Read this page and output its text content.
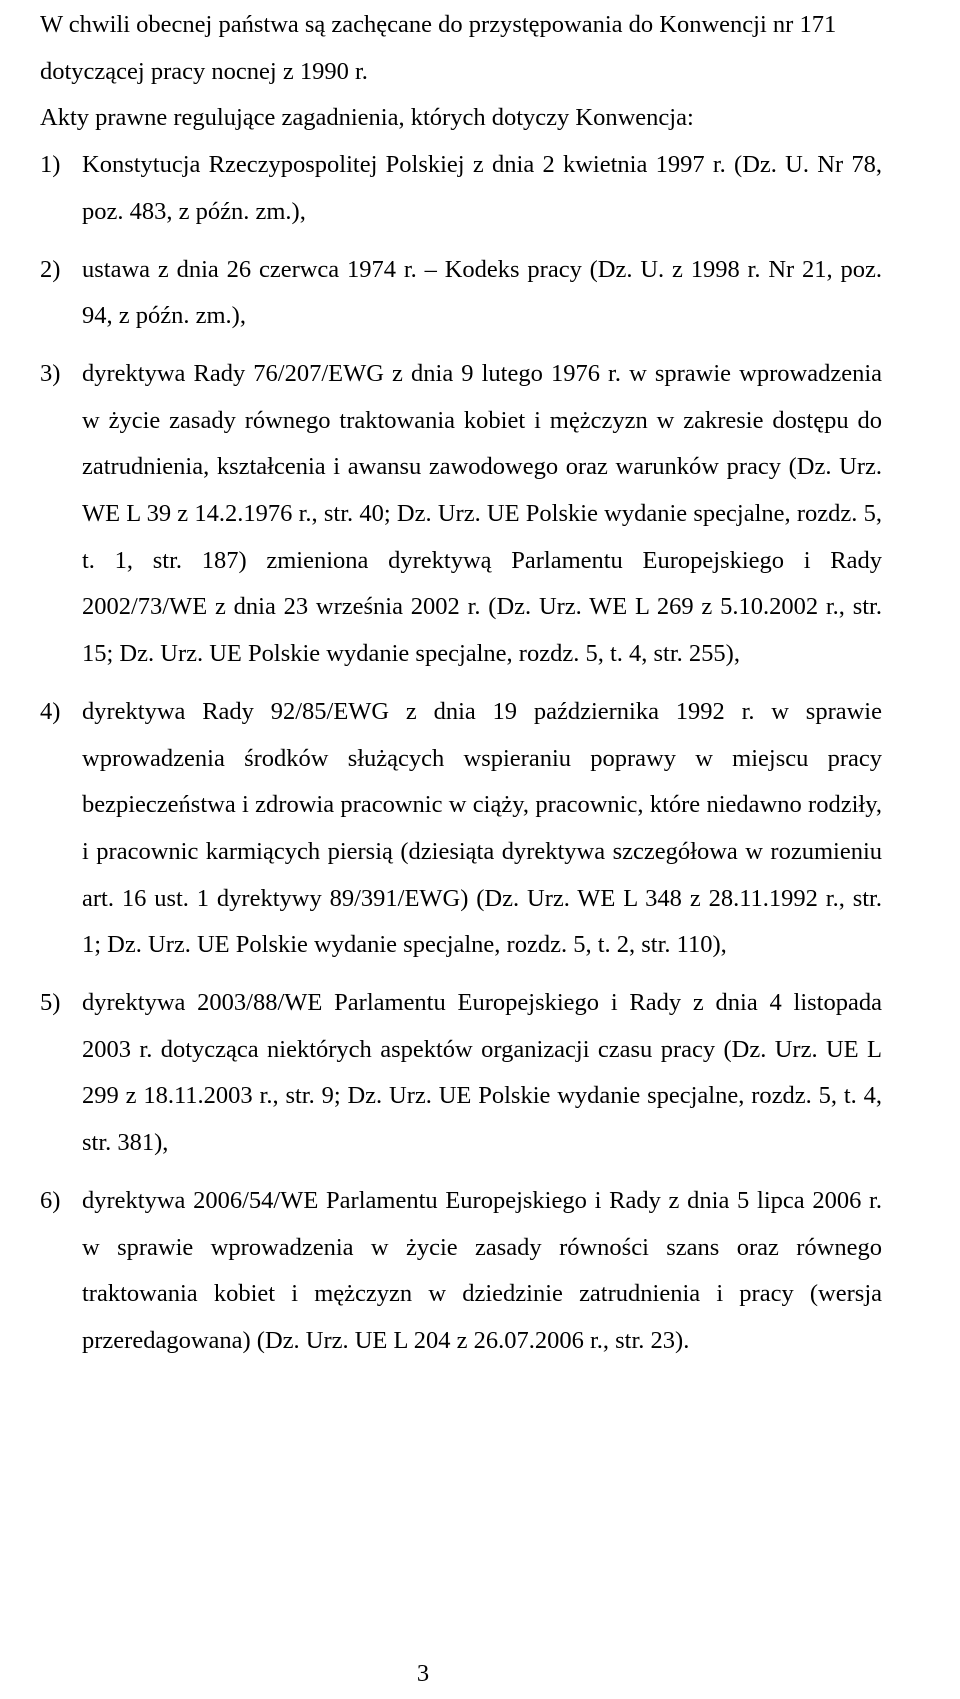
W chwili obecnej państwa są zachęcane do przystępowania do Konwencji nr 171 dotyczącej pracy nocnej z 1990 r.

Akty prawne regulujące zagadnienia, których dotyczy Konwencja:

1) Konstytucja Rzeczypospolitej Polskiej z dnia 2 kwietnia 1997 r. (Dz. U. Nr 78, poz. 483, z późn. zm.),
2) ustawa z dnia 26 czerwca 1974 r. – Kodeks pracy (Dz. U. z 1998 r. Nr 21, poz. 94, z późn. zm.),
3) dyrektywa Rady 76/207/EWG z dnia 9 lutego 1976 r. w sprawie wprowadzenia w życie zasady równego traktowania kobiet i mężczyzn w zakresie dostępu do zatrudnienia, kształcenia i awansu zawodowego oraz warunków pracy (Dz. Urz. WE L 39 z 14.2.1976 r., str. 40; Dz. Urz. UE Polskie wydanie specjalne, rozdz. 5, t. 1, str. 187) zmieniona dyrektywą Parlamentu Europejskiego i Rady 2002/73/WE z dnia 23 września 2002 r. (Dz. Urz. WE L 269 z 5.10.2002 r., str. 15; Dz. Urz. UE Polskie wydanie specjalne, rozdz. 5, t. 4, str. 255),
4) dyrektywa Rady 92/85/EWG z dnia 19 października 1992 r. w sprawie wprowadzenia środków służących wspieraniu poprawy w miejscu pracy bezpieczeństwa i zdrowia pracownic w ciąży, pracownic, które niedawno rodziły, i pracownic karmiących piersią (dziesiąta dyrektywa szczegółowa w rozumieniu art. 16 ust. 1 dyrektywy 89/391/EWG) (Dz. Urz. WE L 348 z 28.11.1992 r., str. 1; Dz. Urz. UE Polskie wydanie specjalne, rozdz. 5, t. 2, str. 110),
5) dyrektywa 2003/88/WE Parlamentu Europejskiego i Rady z dnia 4 listopada 2003 r. dotycząca niektórych aspektów organizacji czasu pracy (Dz. Urz. UE L 299 z 18.11.2003 r., str. 9; Dz. Urz. UE Polskie wydanie specjalne, rozdz. 5, t. 4, str. 381),
6) dyrektywa 2006/54/WE Parlamentu Europejskiego i Rady z dnia 5 lipca 2006 r. w sprawie wprowadzenia w życie zasady równości szans oraz równego traktowania kobiet i mężczyzn w dziedzinie zatrudnienia i pracy (wersja przeredagowana) (Dz. Urz. UE L 204 z 26.07.2006 r., str. 23).
3
